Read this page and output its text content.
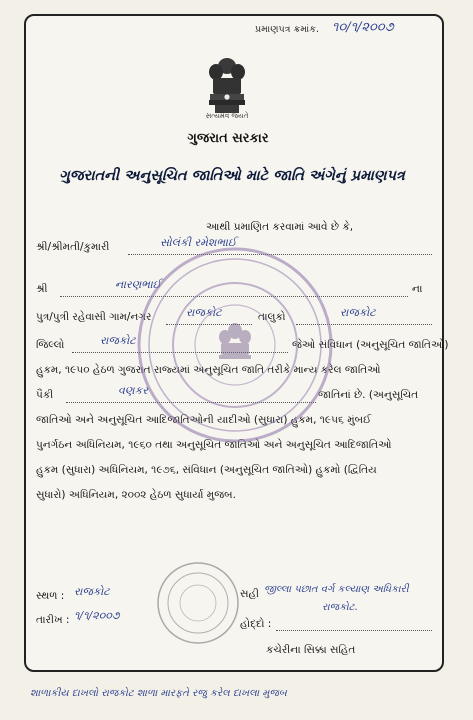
પ્રમાણપત્ર ક્રમાંક. ૧૦/૧/૨૦૦૭
સત્યમેવ જયતે
ગુજરાત સરકાર
ગુજરાતની અનુસૂચિત જાતિઓ માટે જાતિ અંગેનું પ્રમાણપત્ર
આથી પ્રમાણિત કરવામાં આવે છે કે,
શ્રી/શ્રીમતી/કુમારી	સોલંકી રમેશભાઈ
શ્રી	નારણભાઈ	ના
પુત્ર/પુત્રી રહેવાસી ગામ/નગર	રાજકોટ	તાલુકો	રાજકોટ
જિલ્લો	રાજકોટ	જેઓ સંવિધાન (અનુસૂચિત જાતિઓ)
હુકમ, ૧૯૫૦ હેઠળ ગુજરાત રાજ્યમાં અનુસૂચિત જાતિ તરીકે માન્ય કરેલ જાતિઓ
પૈકી	વણકર	જાતિનાં છે. (અનુસૂચિત
જાતિઓ અને અનુસૂચિત આદિજાતિઓની યાદીઓ (સુધારા) હુકમ, ૧૯૫૬ મુંબઈ
પુનર્ગઠન અધિનિયમ, ૧૯૬૦ તથા અનુસૂચિત જાતિઓ અને અનુસૂચિત આદિજાતિઓ
હુકમ (સુધારા) અધિનિયમ, ૧૯૭૬, સંવિધાન (અનુસૂચિત જાતિઓ) હુકમો (દ્વિતિય
સુધારો) અધિનિયમ, ૨૦૦૨ હેઠળ સુધાર્યા મુજબ.
સ્થળ : રાજકોટ
તારીખ : ૧/૧/૨૦૦૭
સહી જીલ્લા પછાત વર્ગ કલ્યાણ અધિકારી
રાજકોટ.
હોદ્દો :
કચેરીના સિક્કા સહિત
શાળાકીય દાખલો રાજકોટ શાળા મારફતે રજુ કરેલ દાખલા મુજબ
